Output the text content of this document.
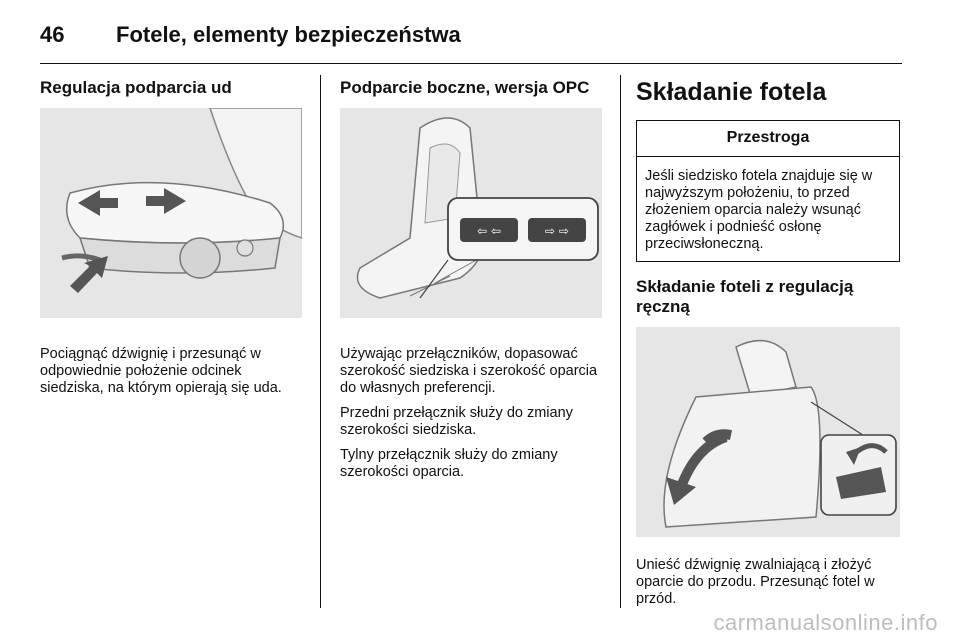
46	Fotele, elementy bezpieczeństwa
Regulacja podparcia ud

Pociągnąć dźwignię i przesunąć w odpowiednie położenie odcinek siedziska, na którym opierają się uda.

Podparcie boczne, wersja OPC
⇦ ⇦	⇨ ⇨

Używając przełączników, dopasować szerokość siedziska i szerokość oparcia do własnych preferencji.

Przedni przełącznik służy do zmiany szerokości siedziska.

Tylny przełącznik służy do zmiany szerokości oparcia.

Składanie fotela
Przestroga
Jeśli siedzisko fotela znajduje się w najwyższym położeniu, to przed złożeniem oparcia należy wsunąć zagłówek i podnieść osłonę przeciwsłoneczną.
Składanie foteli z regulacją ręczną

Unieść dźwignię zwalniającą i złożyć oparcie do przodu. Przesunąć fotel w przód.

carmanualsonline.info
